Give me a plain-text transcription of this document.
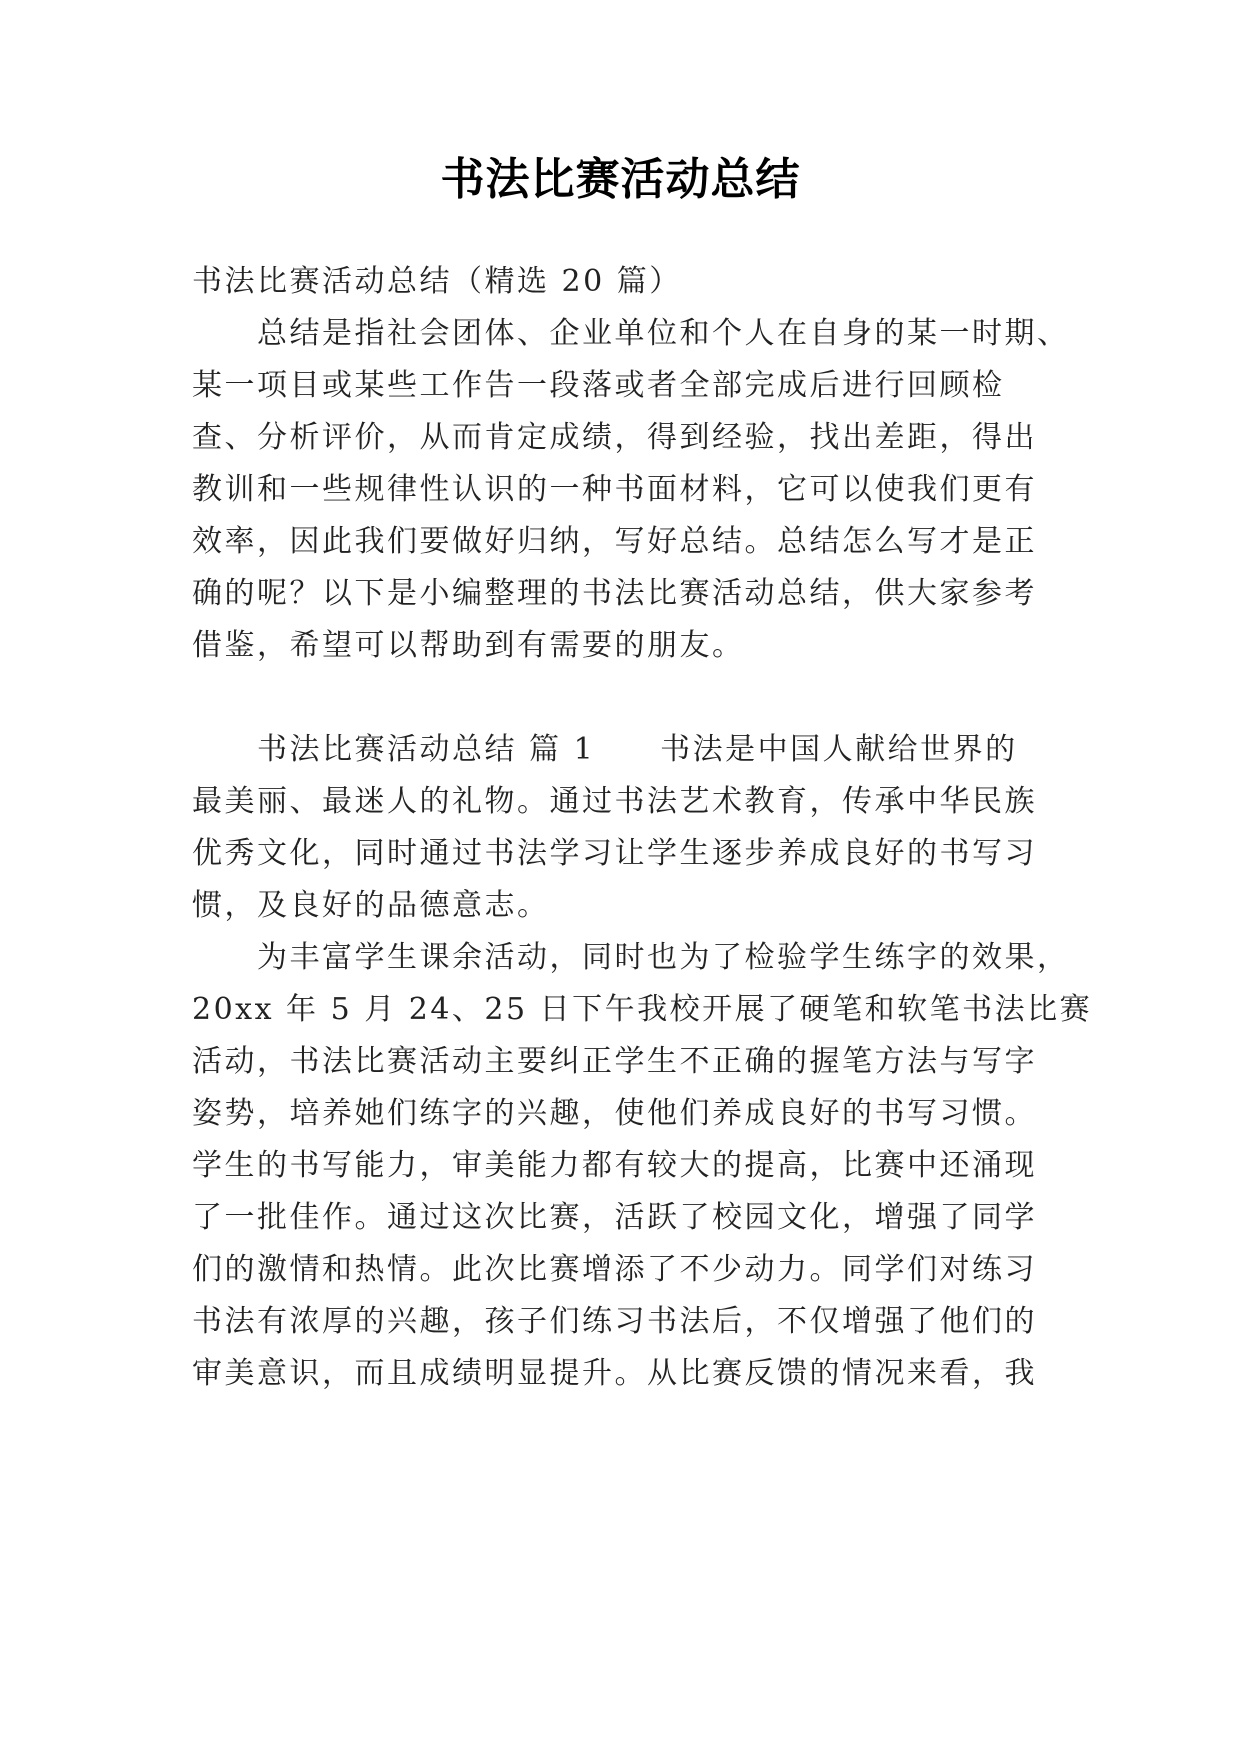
书法比赛活动总结
书法比赛活动总结（精选 20 篇）
　　总结是指社会团体、企业单位和个人在自身的某一时期、
某一项目或某些工作告一段落或者全部完成后进行回顾检
查、分析评价，从而肯定成绩，得到经验，找出差距，得出
教训和一些规律性认识的一种书面材料，它可以使我们更有
效率，因此我们要做好归纳，写好总结。总结怎么写才是正
确的呢？以下是小编整理的书法比赛活动总结，供大家参考
借鉴，希望可以帮助到有需要的朋友。
　　书法比赛活动总结 篇 1　　书法是中国人献给世界的
最美丽、最迷人的礼物。通过书法艺术教育，传承中华民族
优秀文化，同时通过书法学习让学生逐步养成良好的书写习
惯，及良好的品德意志。
　　为丰富学生课余活动，同时也为了检验学生练字的效果，
20xx 年 5 月 24、25 日下午我校开展了硬笔和软笔书法比赛
活动，书法比赛活动主要纠正学生不正确的握笔方法与写字
姿势，培养她们练字的兴趣，使他们养成良好的书写习惯。
学生的书写能力，审美能力都有较大的提高，比赛中还涌现
了一批佳作。通过这次比赛，活跃了校园文化，增强了同学
们的激情和热情。此次比赛增添了不少动力。同学们对练习
书法有浓厚的兴趣，孩子们练习书法后，不仅增强了他们的
审美意识，而且成绩明显提升。从比赛反馈的情况来看，我
